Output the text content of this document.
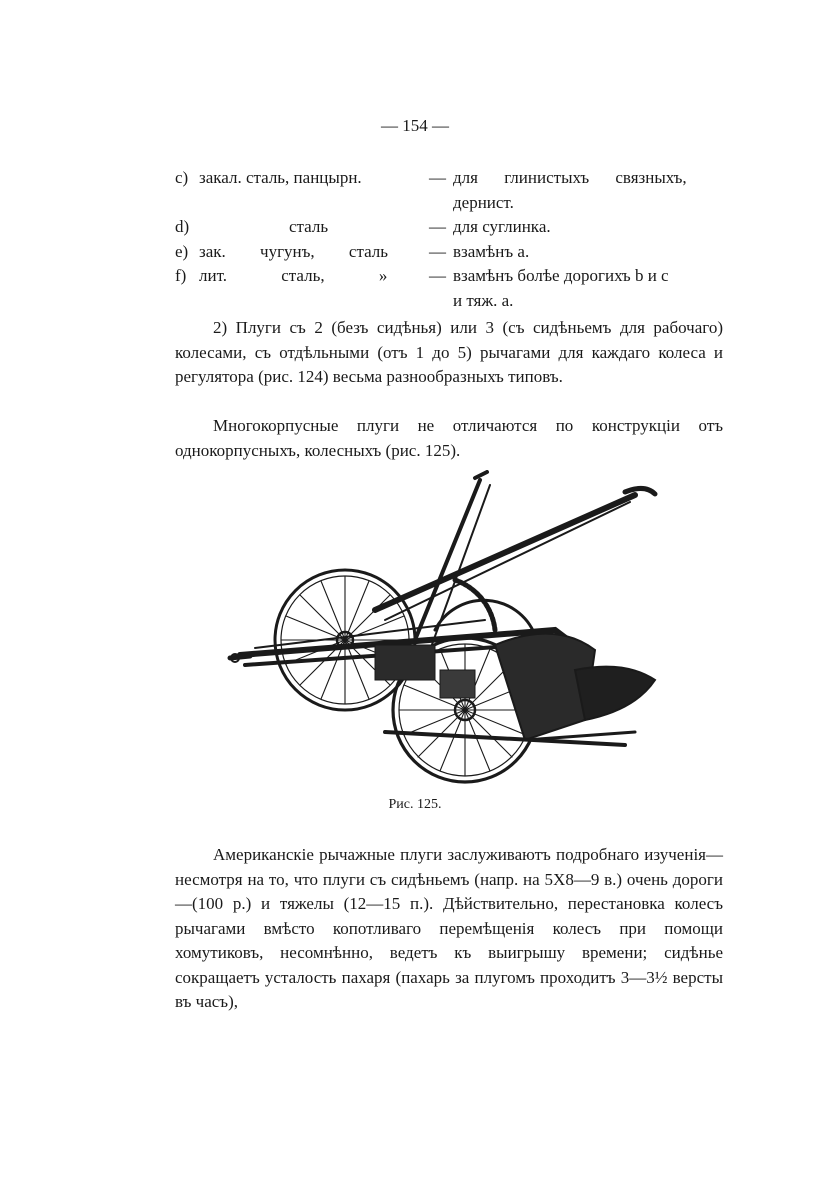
— 154 —
c) закал. сталь, панцырн.	— для глинистыхъ связныхъ,
дернист.
d)	сталь	— для суглинка.
e) зак. чугунъ, сталь	— взамѣнъ а.
f) лит. сталь, »	— взамѣнъ болѣе дорогихъ b и с
и тяж. а.
2) Плуги съ 2 (безъ сидѣнья) или 3 (съ сидѣньемъ для рабочаго) колесами, съ отдѣльными (отъ 1 до 5) рычагами для каждаго колеса и регулятора (рис. 124) весьма разнообразныхъ типовъ.
Многокорпусные плуги не отличаются по конструкціи отъ однокорпусныхъ, колесныхъ (рис. 125).
Рис. 125.
Американскіе рычажные плуги заслуживаютъ подробнаго изученія—несмотря на то, что плуги съ сидѣньемъ (напр. на 5Х8—9 в.) очень дороги—(100 р.) и тяжелы (12—15 п.). Дѣйствительно, перестановка колесъ рычагами вмѣсто копотливаго перемѣщенія колесъ при помощи хомутиковъ, несомнѣнно, ведетъ къ выигрышу времени; сидѣнье сокращаетъ усталость пахаря (пахарь за плугомъ проходитъ 3—3½ версты въ часъ),
